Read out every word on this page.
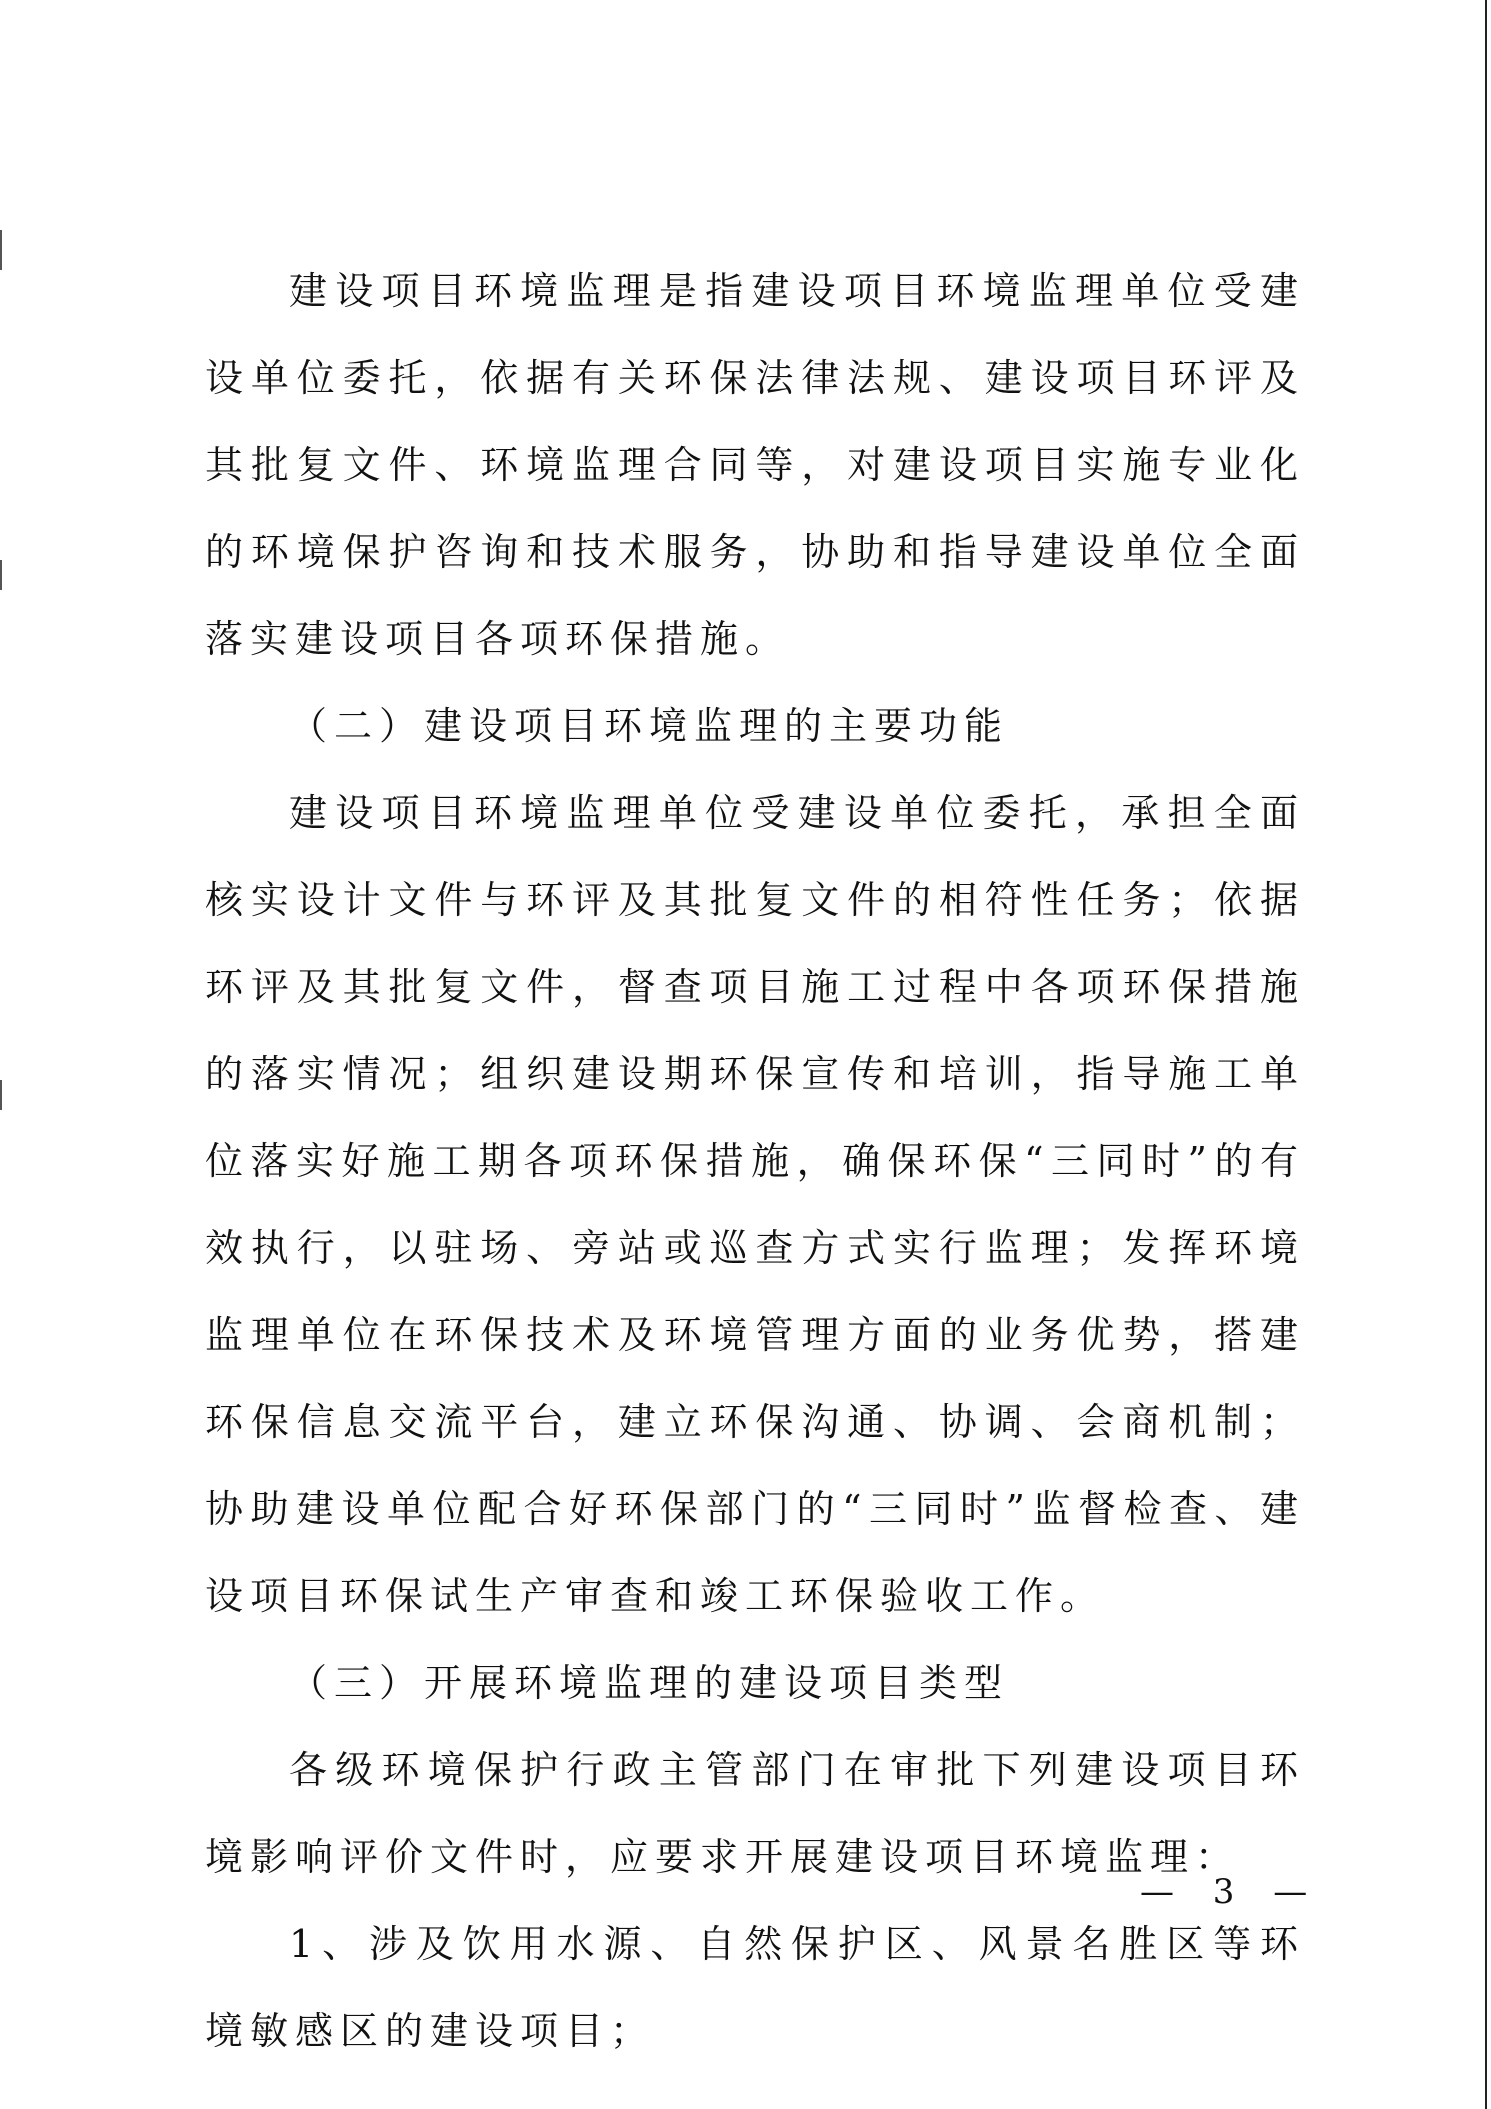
建设项目环境监理是指建设项目环境监理单位受建设单位委托，依据有关环保法律法规、建设项目环评及其批复文件、环境监理合同等，对建设项目实施专业化的环境保护咨询和技术服务，协助和指导建设单位全面落实建设项目各项环保措施。

（二）建设项目环境监理的主要功能

建设项目环境监理单位受建设单位委托，承担全面核实设计文件与环评及其批复文件的相符性任务；依据环评及其批复文件，督查项目施工过程中各项环保措施的落实情况；组织建设期环保宣传和培训，指导施工单位落实好施工期各项环保措施，确保环保“三同时”的有效执行，以驻场、旁站或巡查方式实行监理；发挥环境监理单位在环保技术及环境管理方面的业务优势，搭建环保信息交流平台，建立环保沟通、协调、会商机制；协助建设单位配合好环保部门的“三同时”监督检查、建设项目环保试生产审查和竣工环保验收工作。

（三）开展环境监理的建设项目类型

各级环境保护行政主管部门在审批下列建设项目环境影响评价文件时，应要求开展建设项目环境监理：

1、涉及饮用水源、自然保护区、风景名胜区等环境敏感区的建设项目；

— 3 —
